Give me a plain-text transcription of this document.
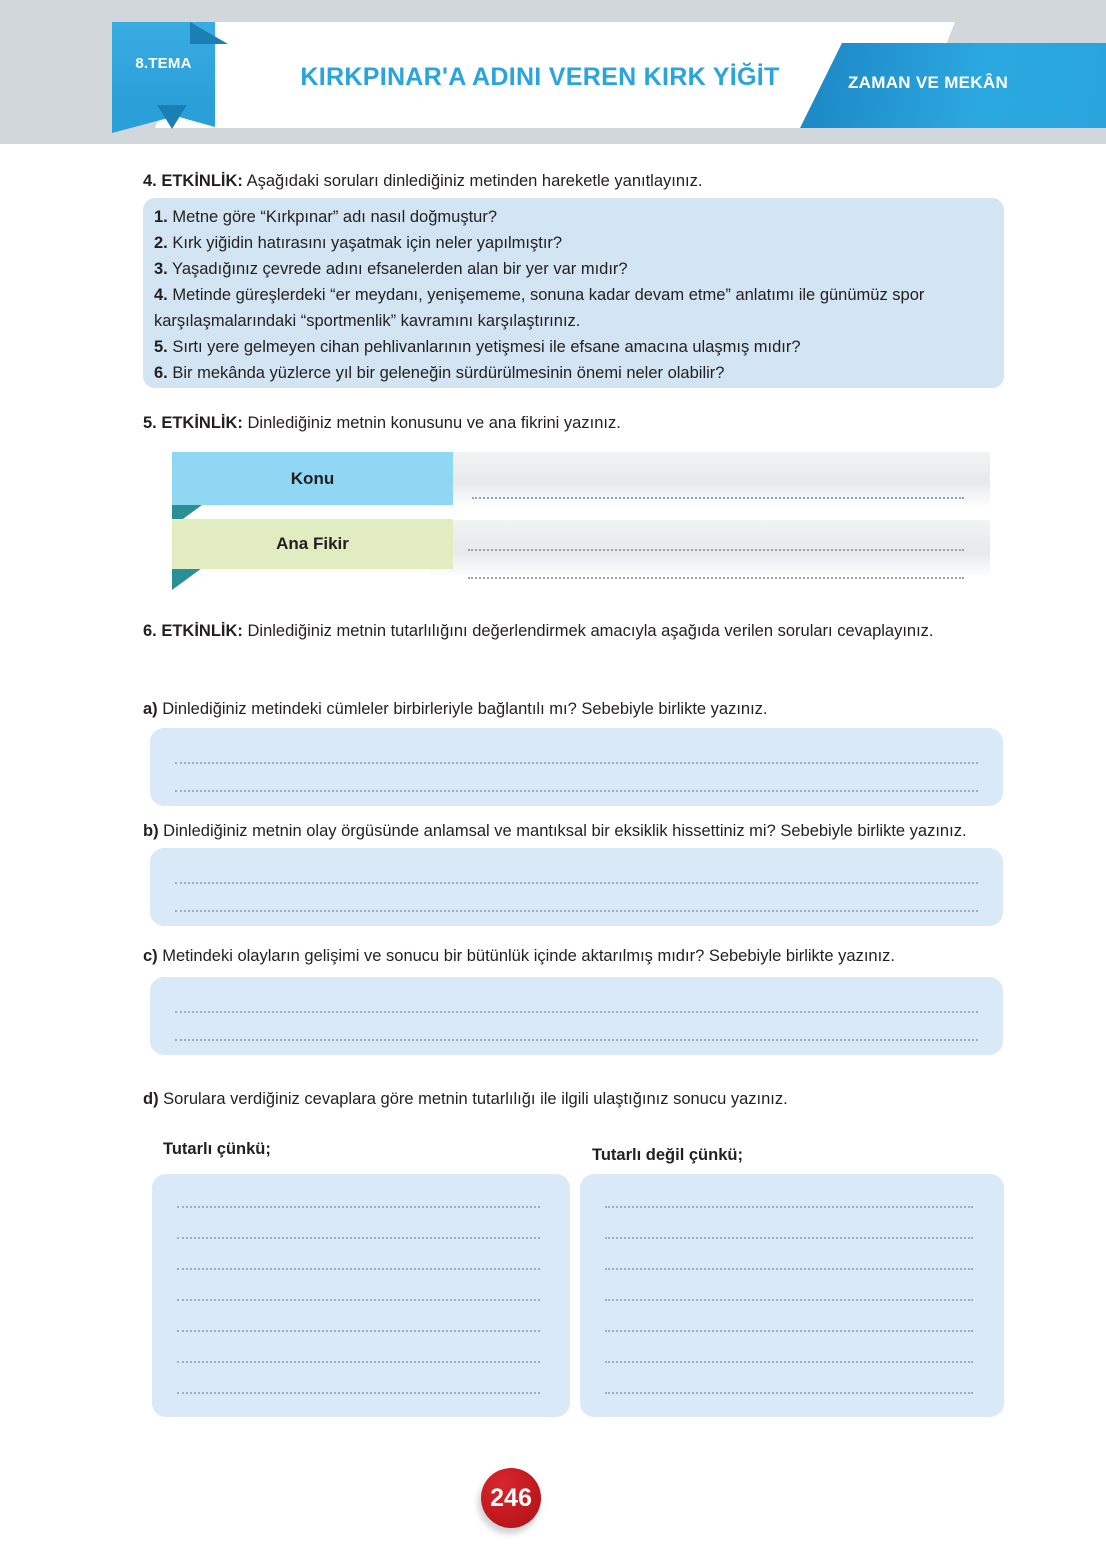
8.TEMA	KIRKPINAR'A ADINI VEREN KIRK YİĞİT	ZAMAN VE MEKÂN
4. ETKİNLİK: Aşağıdaki soruları dinlediğiniz metinden hareketle yanıtlayınız.
1. Metne göre “Kırkpınar” adı nasıl doğmuştur?
2. Kırk yiğidin hatırasını yaşatmak için neler yapılmıştır?
3. Yaşadığınız çevrede adını efsanelerden alan bir yer var mıdır?
4. Metinde güreşlerdeki “er meydanı, yenişememe, sonuna kadar devam etme” anlatımı ile günümüz spor karşılaşmalarındaki “sportmenlik” kavramını karşılaştırınız.
5. Sırtı yere gelmeyen cihan pehlivanlarının yetişmesi ile efsane amacına ulaşmış mıdır?
6. Bir mekânda yüzlerce yıl bir geleneğin sürdürülmesinin önemi neler olabilir?
5. ETKİNLİK: Dinlediğiniz metnin konusunu ve ana fikrini yazınız.
Konu
Ana Fikir
6. ETKİNLİK: Dinlediğiniz metnin tutarlılığını değerlendirmek amacıyla aşağıda verilen soruları cevaplayınız.
a) Dinlediğiniz metindeki cümleler birbirleriyle bağlantılı mı? Sebebiyle birlikte yazınız.
b) Dinlediğiniz metnin olay örgüsünde anlamsal ve mantıksal bir eksiklik hissettiniz mi? Sebebiyle birlikte yazınız.
c) Metindeki olayların gelişimi ve sonucu bir bütünlük içinde aktarılmış mıdır? Sebebiyle birlikte yazınız.
d) Sorulara verdiğiniz cevaplara göre metnin tutarlılığı ile ilgili ulaştığınız sonucu yazınız.
Tutarlı çünkü;	Tutarlı değil çünkü;
246
